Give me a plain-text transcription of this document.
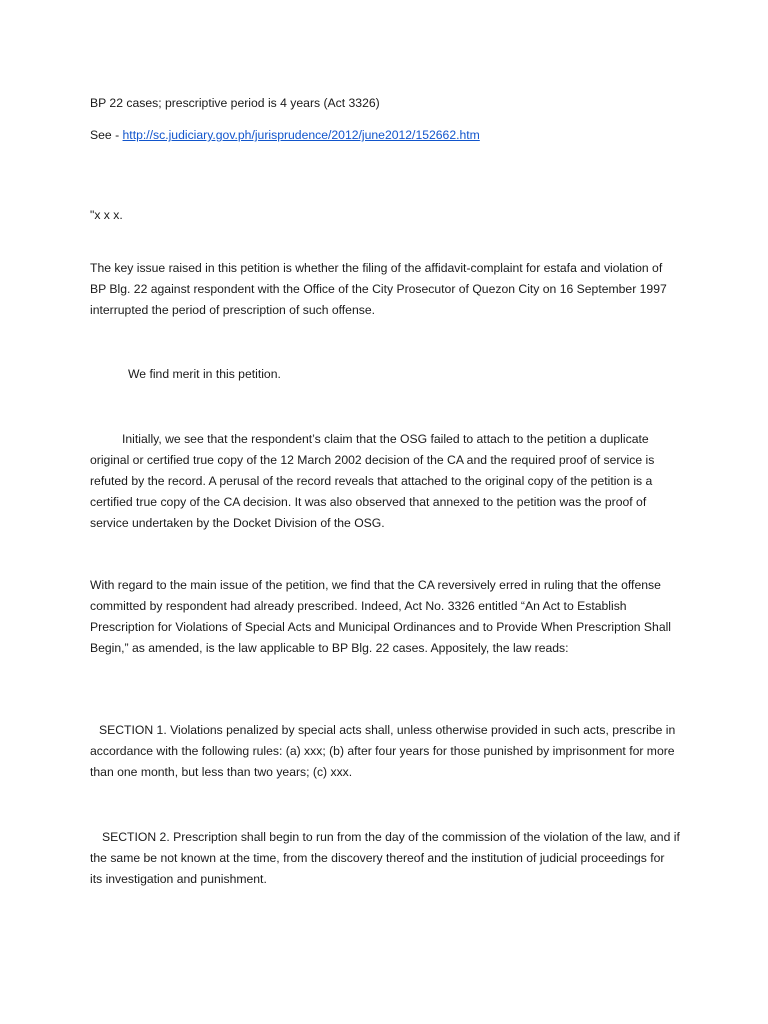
BP 22 cases; prescriptive period is 4 years (Act 3326)

See - http://sc.judiciary.gov.ph/jurisprudence/2012/june2012/152662.htm

"x x x.

The key issue raised in this petition is whether the filing of the affidavit-complaint for estafa and violation of BP Blg. 22 against respondent with the Office of the City Prosecutor of Quezon City on 16 September 1997 interrupted the period of prescription of such offense.

We find merit in this petition.

Initially, we see that the respondent’s claim that the OSG failed to attach to the petition a duplicate original or certified true copy of the 12 March 2002 decision of the CA and the required proof of service is refuted by the record. A perusal of the record reveals that attached to the original copy of the petition is a certified true copy of the CA decision. It was also observed that annexed to the petition was the proof of service undertaken by the Docket Division of the OSG.

With regard to the main issue of the petition, we find that the CA reversively erred in ruling that the offense committed by respondent had already prescribed. Indeed, Act No. 3326 entitled “An Act to Establish Prescription for Violations of Special Acts and Municipal Ordinances and to Provide When Prescription Shall Begin,” as amended, is the law applicable to BP Blg. 22 cases. Appositely, the law reads:

SECTION 1. Violations penalized by special acts shall, unless otherwise provided in such acts, prescribe in accordance with the following rules: (a) xxx; (b) after four years for those punished by imprisonment for more than one month, but less than two years; (c) xxx.

SECTION 2. Prescription shall begin to run from the day of the commission of the violation of the law, and if the same be not known at the time, from the discovery thereof and the institution of judicial proceedings for its investigation and punishment.
